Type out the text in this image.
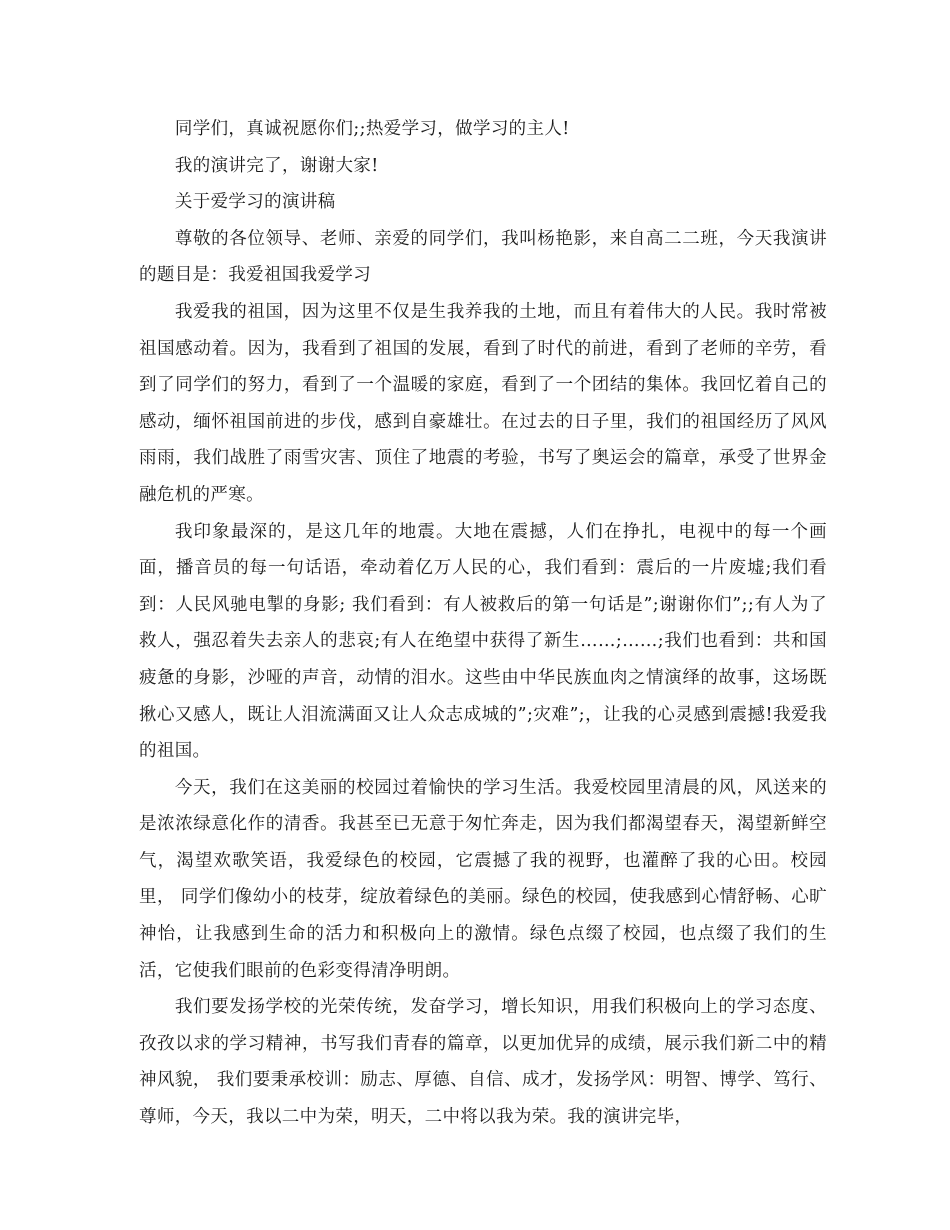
同学们，真诚祝愿你们;;热爱学习，做学习的主人!

我的演讲完了，谢谢大家!

关于爱学习的演讲稿

尊敬的各位领导、老师、亲爱的同学们，我叫杨艳影，来自高二二班，今天我演讲的题目是：我爱祖国我爱学习

我爱我的祖国，因为这里不仅是生我养我的土地，而且有着伟大的人民。我时常被祖国感动着。因为，我看到了祖国的发展，看到了时代的前进，看到了老师的辛劳，看到了同学们的努力，看到了一个温暖的家庭，看到了一个团结的集体。我回忆着自己的 感动，缅怀祖国前进的步伐，感到自豪雄壮。在过去的日子里，我们的祖国经历了风风雨雨，我们战胜了雨雪灾害、顶住了地震的考验，书写了奥运会的篇章，承受了世界金融危机的严寒。

我印象最深的，是这几年的地震。大地在震撼，人们在挣扎，电视中的每一个画面，播音员的每一句话语，牵动着亿万人民的心，我们看到：震后的一片废墟;我们看到：人民风驰电掣的身影; 我们看到：有人被救后的第一句话是”;谢谢你们”;;有人为了救人，强忍着失去亲人的悲哀;有人在绝望中获得了新生……;……;我们也看到：共和国疲惫的身影，沙哑的声音，动情的泪水。这些由中华民族血肉之情演绎的故事，这场既揪心又感人，既让人泪流满面又让人众志成城的”;灾难”;，让我的心灵感到震撼!我爱我的祖国。

今天，我们在这美丽的校园过着愉快的学习生活。我爱校园里清晨的风，风送来的是浓浓绿意化作的清香。我甚至已无意于匆忙奔走，因为我们都渴望春天，渴望新鲜空气，渴望欢歌笑语，我爱绿色的校园，它震撼了我的视野，也灌醉了我的心田。校园里， 同学们像幼小的枝芽，绽放着绿色的美丽。绿色的校园，使我感到心情舒畅、心旷神怡，让我感到生命的活力和积极向上的激情。绿色点缀了校园，也点缀了我们的生活，它使我们眼前的色彩变得清净明朗。

我们要发扬学校的光荣传统，发奋学习，增长知识，用我们积极向上的学习态度、孜孜以求的学习精神，书写我们青春的篇章，以更加优异的成绩，展示我们新二中的精神风貌， 我们要秉承校训：励志、厚德、自信、成才，发扬学风：明智、博学、笃行、尊师，今天，我以二中为荣，明天，二中将以我为荣。我的演讲完毕，
